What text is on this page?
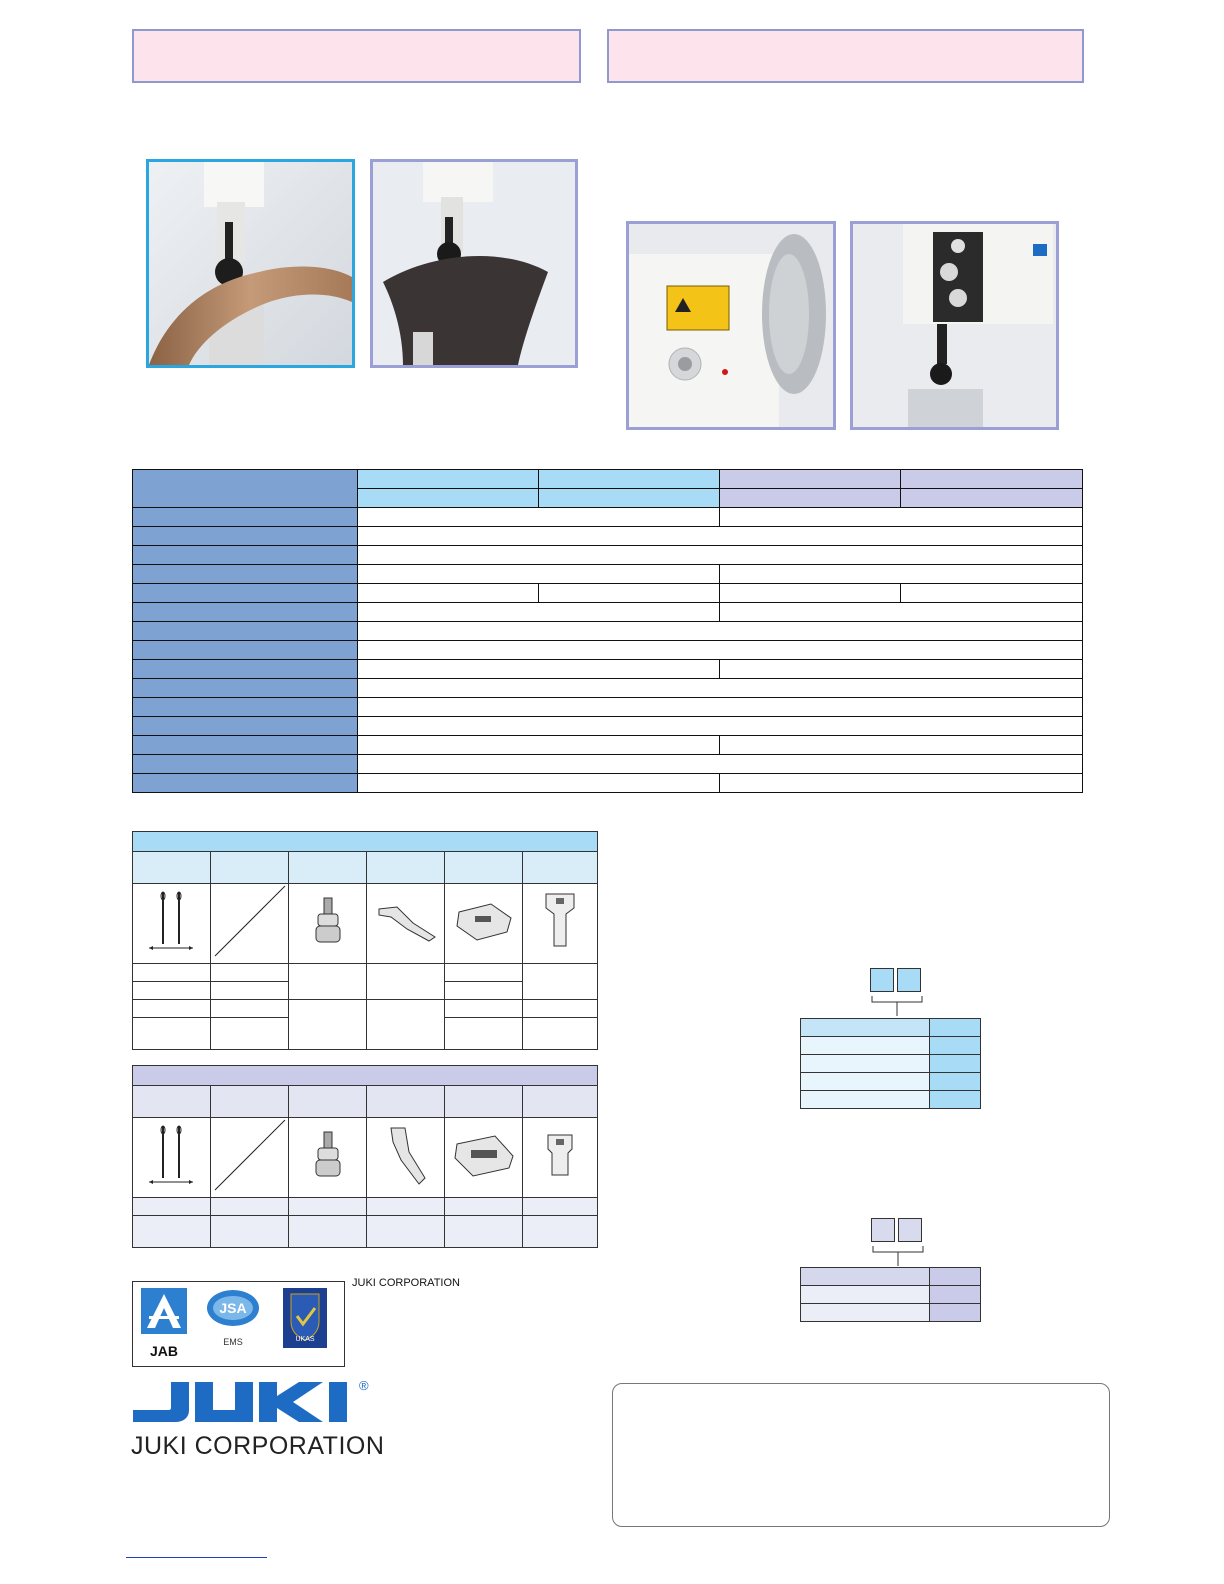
JAB
JSA
EMS	UKAS
JUKI CORPORATION
®
JUKI CORPORATION
